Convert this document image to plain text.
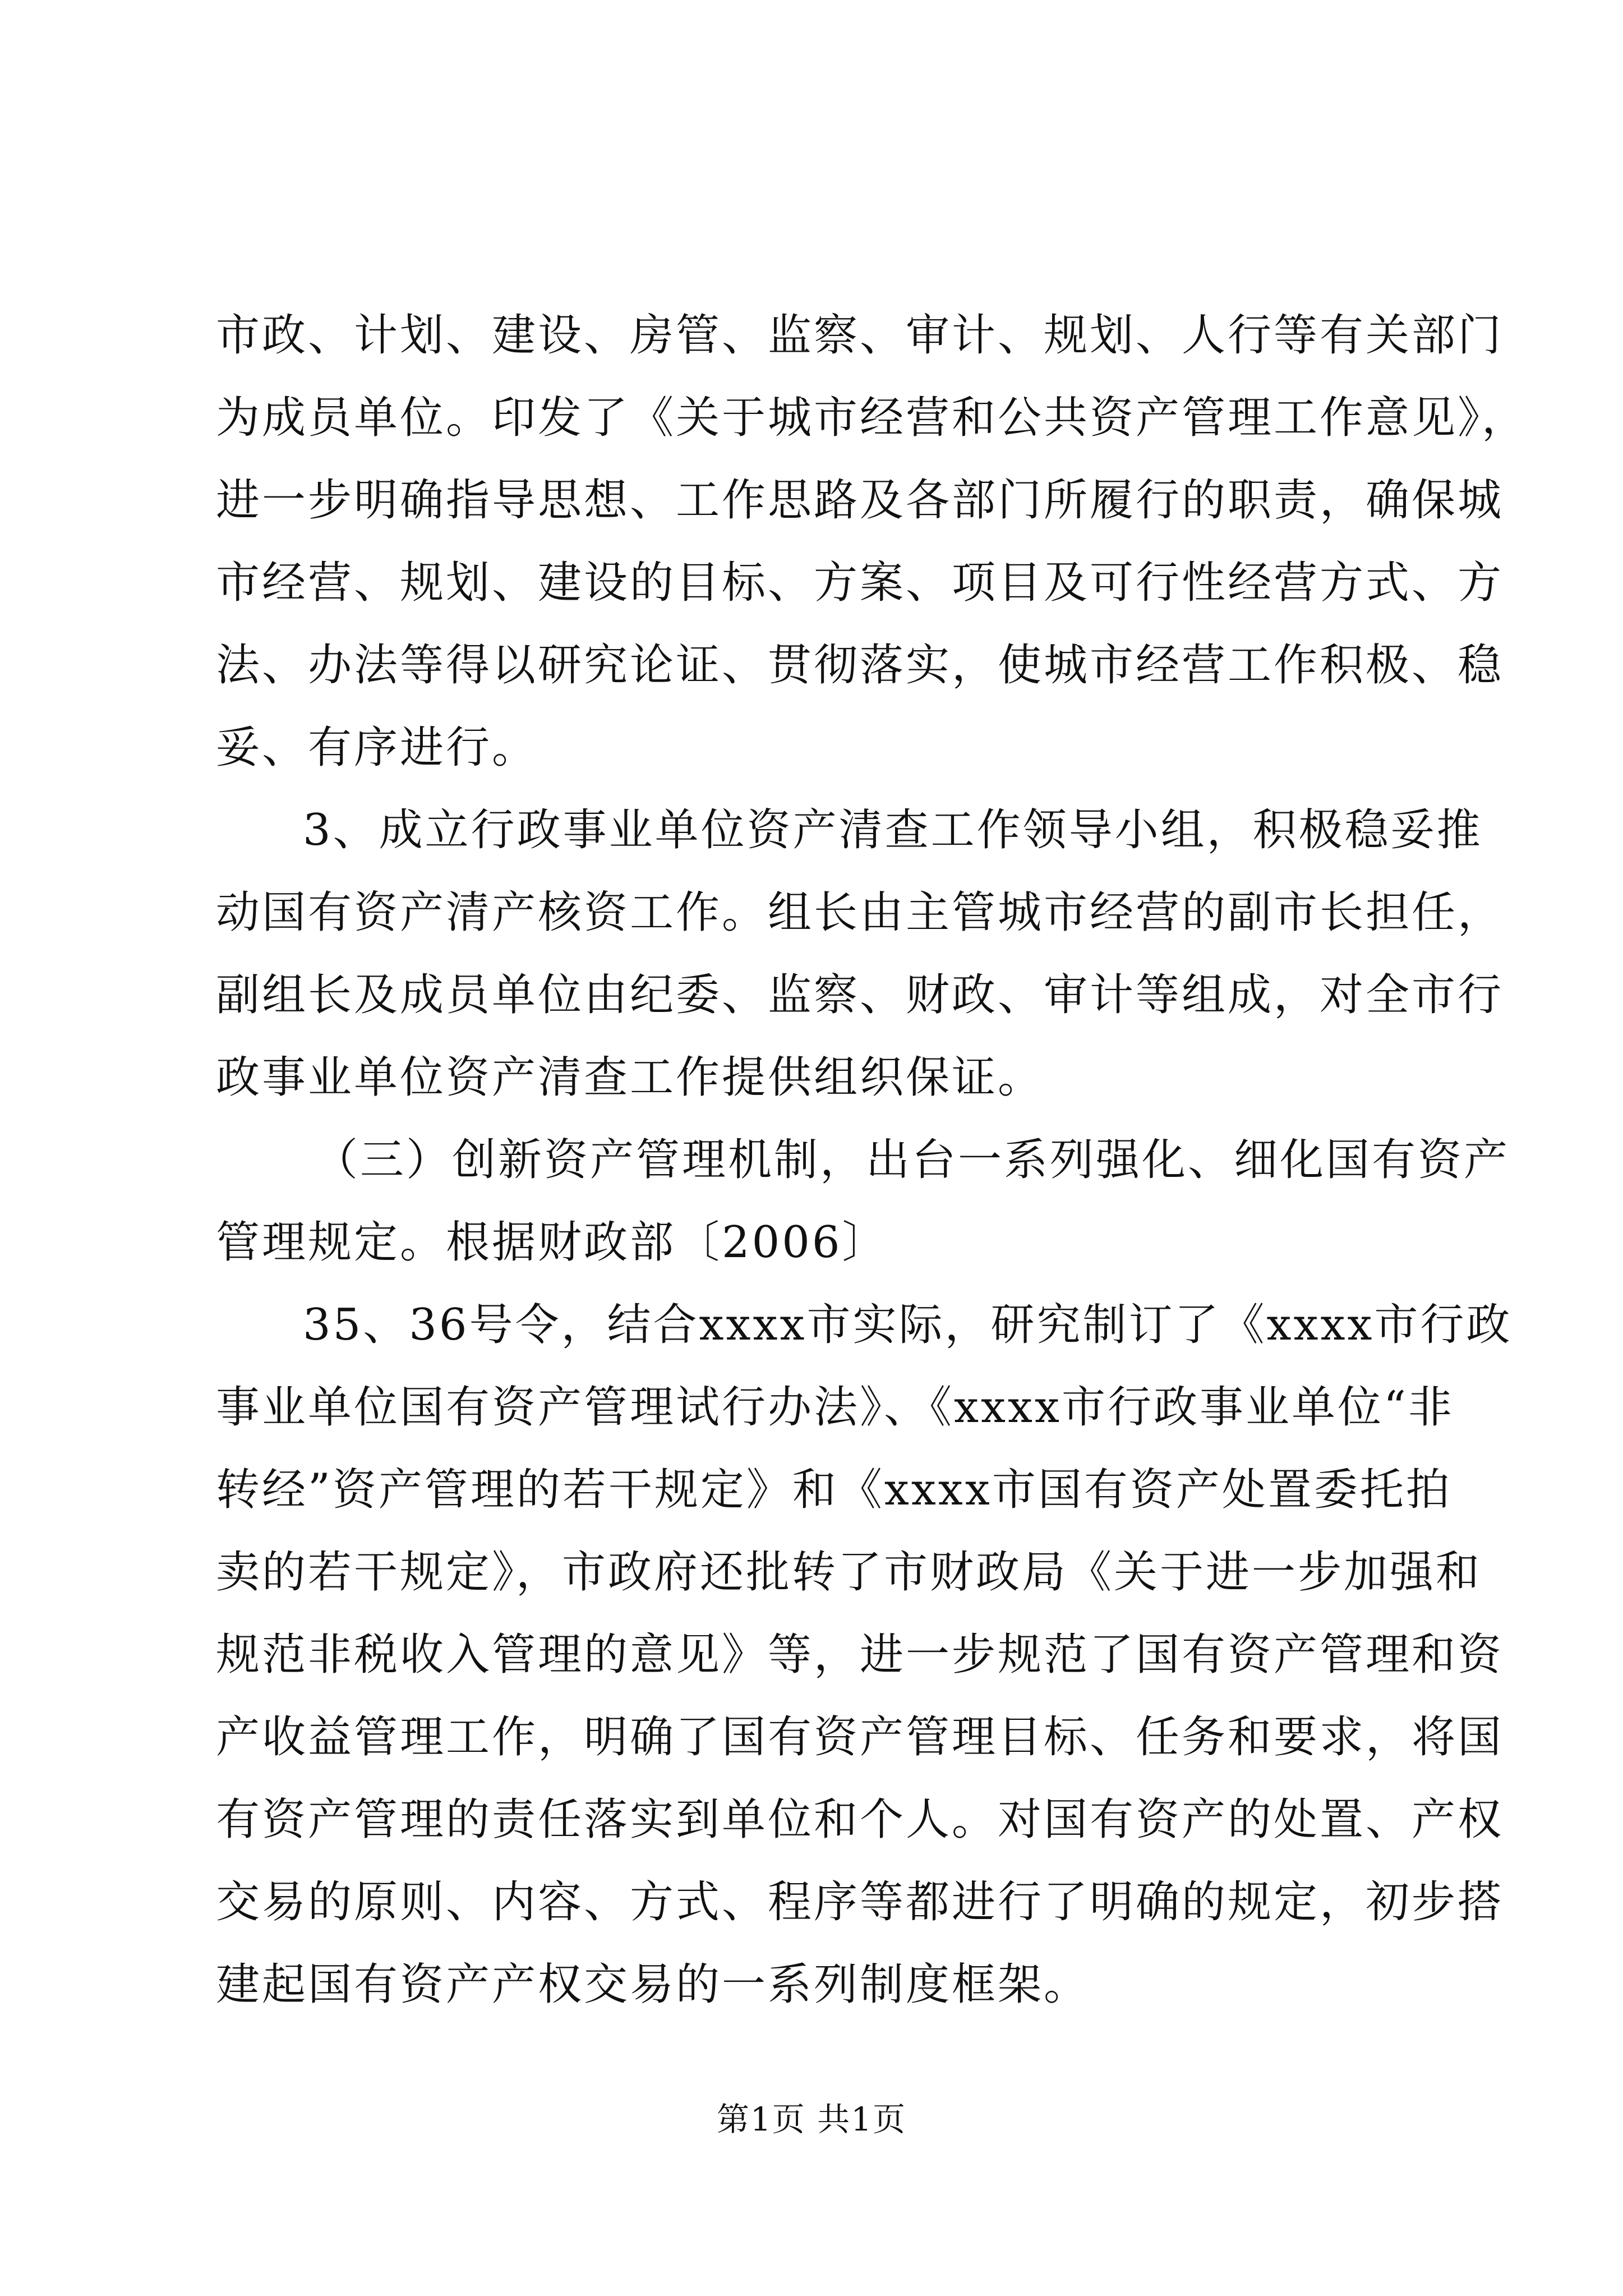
市政、计划、建设、房管、监察、审计、规划、人行等有关部门
为成员单位。印发了《关于城市经营和公共资产管理工作意见》，
进一步明确指导思想、工作思路及各部门所履行的职责，确保城
市经营、规划、建设的目标、方案、项目及可行性经营方式、方
法、办法等得以研究论证、贯彻落实，使城市经营工作积极、稳
妥、有序进行。
3、成立行政事业单位资产清查工作领导小组，积极稳妥推
动国有资产清产核资工作。组长由主管城市经营的副市长担任，
副组长及成员单位由纪委、监察、财政、审计等组成，对全市行
政事业单位资产清查工作提供组织保证。
（三）创新资产管理机制，出台一系列强化、细化国有资产
管理规定。根据财政部〔2006〕
35、36号令，结合xxxx市实际，研究制订了《xxxx市行政
事业单位国有资产管理试行办法》、《xxxx市行政事业单位“非
转经”资产管理的若干规定》和《xxxx市国有资产处置委托拍
卖的若干规定》，市政府还批转了市财政局《关于进一步加强和
规范非税收入管理的意见》等，进一步规范了国有资产管理和资
产收益管理工作，明确了国有资产管理目标、任务和要求，将国
有资产管理的责任落实到单位和个人。对国有资产的处置、产权
交易的原则、内容、方式、程序等都进行了明确的规定，初步搭
建起国有资产产权交易的一系列制度框架。
第1页 共1页
